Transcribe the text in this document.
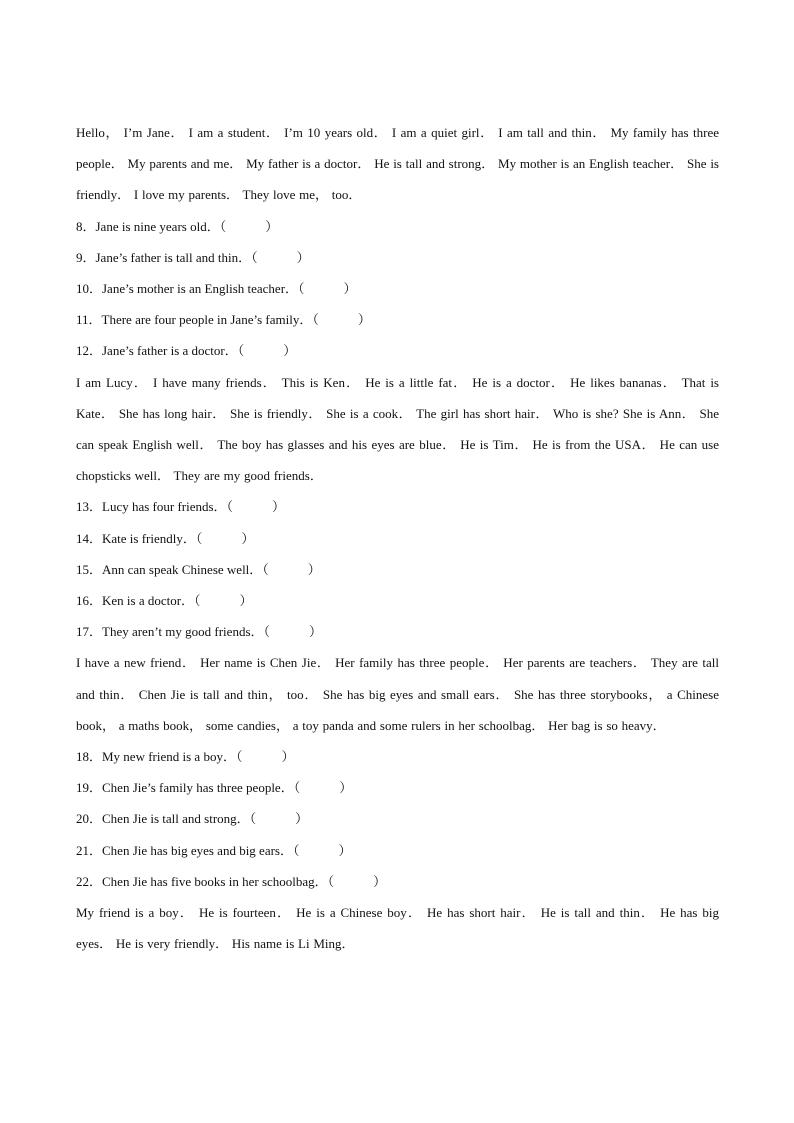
Hello， I’m Jane． I am a student． I’m 10 years old． I am a quiet girl． I am tall and thin． My family has three people． My parents and me． My father is a doctor． He is tall and strong． My mother is an English teacher． She is friendly． I love my parents． They love me， too．

8．Jane is nine years old．（　　　）

9．Jane’s father is tall and thin．（　　　）

10．Jane’s mother is an English teacher．（　　　）

11．There are four people in Jane’s family．（　　　）

12．Jane’s father is a doctor．（　　　）

I am Lucy． I have many friends． This is Ken． He is a little fat． He is a doctor． He likes bananas． That is Kate． She has long hair． She is friendly． She is a cook． The girl has short hair． Who is she? She is Ann． She can speak English well． The boy has glasses and his eyes are blue． He is Tim． He is from the USA． He can use chopsticks well． They are my good friends．

13．Lucy has four friends．（　　　）

14．Kate is friendly．（　　　）

15．Ann can speak Chinese well．（　　　）

16．Ken is a doctor．（　　　）

17．They aren’t my good friends．（　　　）

I have a new friend． Her name is Chen Jie． Her family has three people． Her parents are teachers． They are tall and thin． Chen Jie is tall and thin， too． She has big eyes and small ears． She has three storybooks， a Chinese book， a maths book， some candies， a toy panda and some rulers in her schoolbag． Her bag is so heavy．

18．My new friend is a boy．（　　　）

19．Chen Jie’s family has three people．（　　　）

20．Chen Jie is tall and strong．（　　　）

21．Chen Jie has big eyes and big ears．（　　　）

22．Chen Jie has five books in her schoolbag．（　　　）

My friend is a boy． He is fourteen． He is a Chinese boy． He has short hair． He is tall and thin． He has big eyes． He is very friendly． His name is Li Ming．
